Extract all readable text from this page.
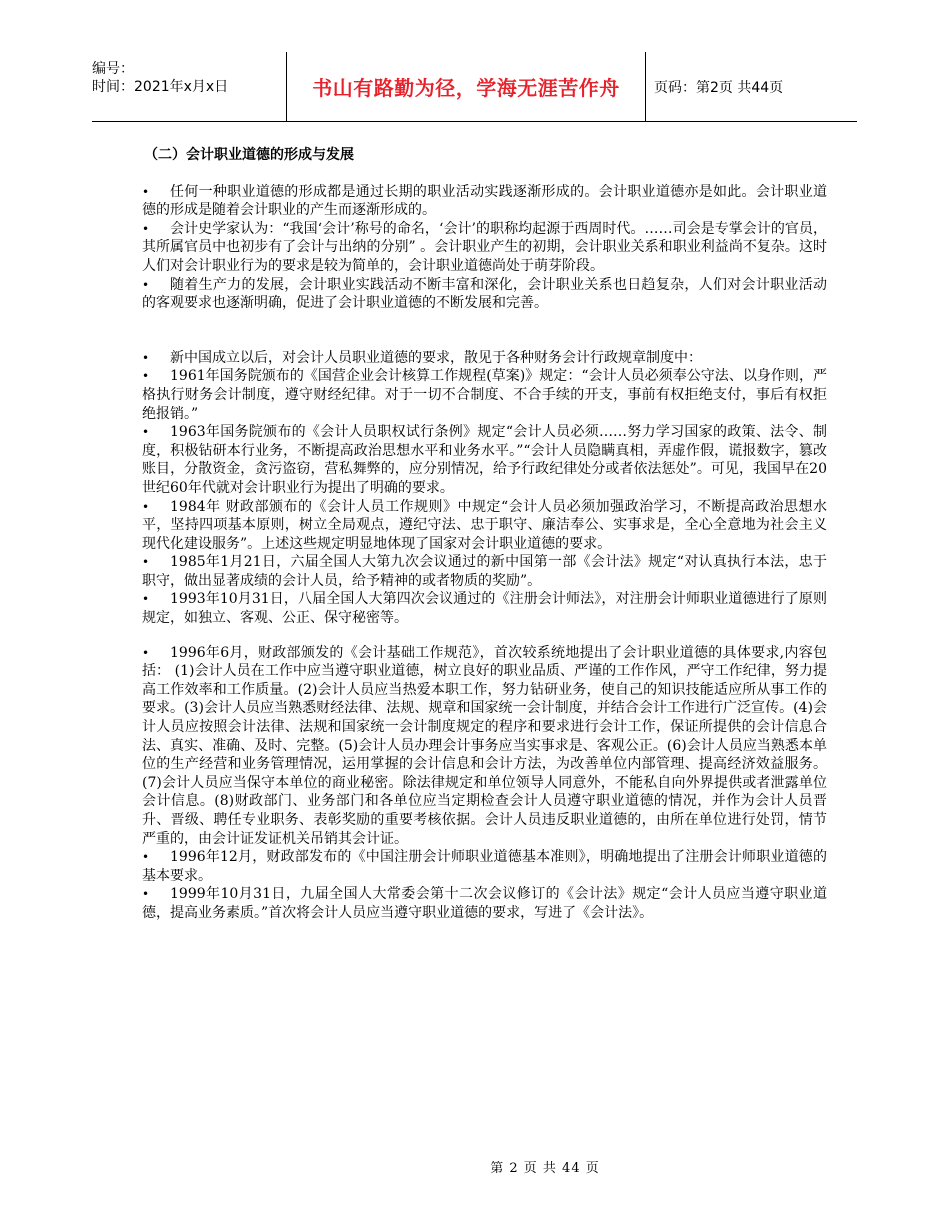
编号：
时间：2021年x月x日	书山有路勤为径，学海无涯苦作舟	页码：第2页 共44页
（二）会计职业道德的形成与发展

• 任何一种职业道德的形成都是通过长期的职业活动实践逐渐形成的。会计职业道德亦是如此。会计职业道德的形成是随着会计职业的产生而逐渐形成的。

• 会计史学家认为：“我国‘会计’称号的命名，‘会计’的职称均起源于西周时代。……司会是专掌会计的官员，其所属官员中也初步有了会计与出纳的分别” 。会计职业产生的初期，会计职业关系和职业利益尚不复杂。这时人们对会计职业行为的要求是较为简单的，会计职业道德尚处于萌芽阶段。

• 随着生产力的发展，会计职业实践活动不断丰富和深化，会计职业关系也日趋复杂，人们对会计职业活动的客观要求也逐渐明确，促进了会计职业道德的不断发展和完善。

• 新中国成立以后，对会计人员职业道德的要求，散见于各种财务会计行政规章制度中：

• 1961年国务院颁布的《国营企业会计核算工作规程(草案)》规定：“会计人员必须奉公守法、以身作则，严格执行财务会计制度，遵守财经纪律。对于一切不合制度、不合手续的开支，事前有权拒绝支付，事后有权拒绝报销。”

• 1963年国务院颁布的《会计人员职权试行条例》规定“会计人员必须……努力学习国家的政策、法令、制度，积极钻研本行业务，不断提高政治思想水平和业务水平。”“会计人员隐瞒真相，弄虚作假，谎报数字，篡改账目，分散资金，贪污盗窃，营私舞弊的，应分别情况，给予行政纪律处分或者依法惩处”。可见，我国早在20世纪60年代就对会计职业行为提出了明确的要求。

• 1984年 财政部颁布的《会计人员工作规则》中规定“会计人员必须加强政治学习，不断提高政治思想水平，坚持四项基本原则，树立全局观点，遵纪守法、忠于职守、廉洁奉公、实事求是，全心全意地为社会主义现代化建设服务”。上述这些规定明显地体现了国家对会计职业道德的要求。

• 1985年1月21日，六届全国人大第九次会议通过的新中国第一部《会计法》规定“对认真执行本法，忠于职守，做出显著成绩的会计人员，给予精神的或者物质的奖励”。

• 1993年10月31日，八届全国人大第四次会议通过的《注册会计师法》，对注册会计师职业道德进行了原则规定，如独立、客观、公正、保守秘密等。

• 1996年6月，财政部颁发的《会计基础工作规范》，首次较系统地提出了会计职业道德的具体要求,内容包括： (1)会计人员在工作中应当遵守职业道德，树立良好的职业品质、严谨的工作作风，严守工作纪律，努力提高工作效率和工作质量。(2)会计人员应当热爱本职工作，努力钻研业务，使自己的知识技能适应所从事工作的要求。(3)会计人员应当熟悉财经法律、法规、规章和国家统一会计制度，并结合会计工作进行广泛宣传。(4)会计人员应按照会计法律、法规和国家统一会计制度规定的程序和要求进行会计工作，保证所提供的会计信息合法、真实、准确、及时、完整。(5)会计人员办理会计事务应当实事求是、客观公正。(6)会计人员应当熟悉本单位的生产经营和业务管理情况，运用掌握的会计信息和会计方法，为改善单位内部管理、提高经济效益服务。(7)会计人员应当保守本单位的商业秘密。除法律规定和单位领导人同意外，不能私自向外界提供或者泄露单位会计信息。(8)财政部门、业务部门和各单位应当定期检查会计人员遵守职业道德的情况，并作为会计人员晋升、晋级、聘任专业职务、表彰奖励的重要考核依据。会计人员违反职业道德的，由所在单位进行处罚，情节严重的，由会计证发证机关吊销其会计证。

• 1996年12月，财政部发布的《中国注册会计师职业道德基本准则》，明确地提出了注册会计师职业道德的基本要求。

• 1999年10月31日，九届全国人大常委会第十二次会议修订的《会计法》规定“会计人员应当遵守职业道德，提高业务素质。”首次将会计人员应当遵守职业道德的要求，写进了《会计法》。

第 2 页 共 44 页
